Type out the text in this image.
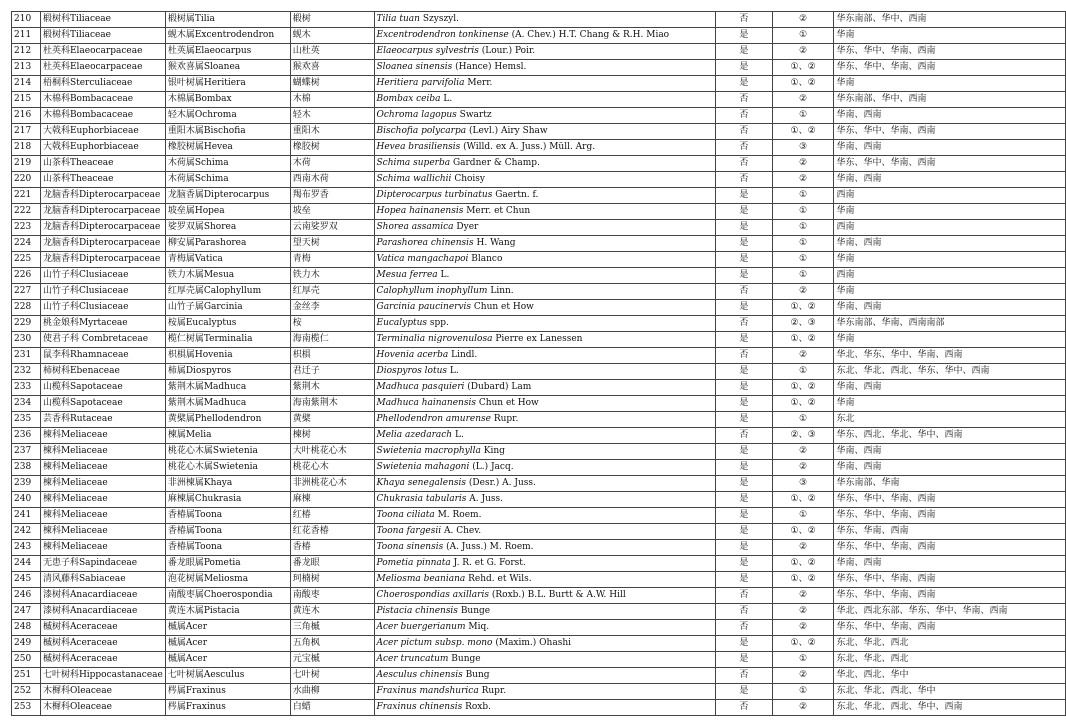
210	椴树科Tiliaceae	椴树属Tilia	椴树	Tilia tuan Szyszyl.	否	②	华东南部、华中、西南
211	椴树科Tiliaceae	蚬木属Excentrodendron	蚬木	Excentrodendron tonkinense (A. Chev.) H.T. Chang & R.H. Miao	是	①	华南
212	杜英科Elaeocarpaceae	杜英属Elaeocarpus	山杜英	Elaeocarpus sylvestris (Lour.) Poir.	是	②	华东、华中、华南、西南
213	杜英科Elaeocarpaceae	猴欢喜属Sloanea	猴欢喜	Sloanea sinensis (Hance) Hemsl.	是	①、②	华东、华中、华南、西南
214	梧桐科Sterculiaceae	银叶树属Heritiera	蝴蝶树	Heritiera parvifolia Merr.	是	①、②	华南
215	木棉科Bombacaceae	木棉属Bombax	木棉	Bombax ceiba L.	否	②	华东南部、华中、西南
216	木棉科Bombacaceae	轻木属Ochroma	轻木	Ochroma lagopus Swartz	否	①	华南、西南
217	大戟科Euphorbiaceae	重阳木属Bischofia	重阳木	Bischofia polycarpa (Levl.) Airy Shaw	否	①、②	华东、华中、华南、西南
218	大戟科Euphorbiaceae	橡胶树属Hevea	橡胶树	Hevea brasiliensis (Willd. ex A. Juss.) Müll. Arg.	否	③	华南、西南
219	山茶科Theaceae	木荷属Schima	木荷	Schima superba Gardner & Champ.	否	②	华东、华中、华南、西南
220	山茶科Theaceae	木荷属Schima	西南木荷	Schima wallichii Choisy	否	②	华南、西南
221	龙脑香科Dipterocarpaceae	龙脑香属Dipterocarpus	羯布罗香	Dipterocarpus turbinatus Gaertn. f.	是	①	西南
222	龙脑香科Dipterocarpaceae	坡垒属Hopea	坡垒	Hopea hainanensis Merr. et Chun	是	①	华南
223	龙脑香科Dipterocarpaceae	娑罗双属Shorea	云南娑罗双	Shorea assamica Dyer	是	①	西南
224	龙脑香科Dipterocarpaceae	柳安属Parashorea	望天树	Parashorea chinensis H. Wang	是	①	华南、西南
225	龙脑香科Dipterocarpaceae	青梅属Vatica	青梅	Vatica mangachapoi Blanco	是	①	华南
226	山竹子科Clusiaceae	铁力木属Mesua	铁力木	Mesua ferrea L.	是	①	西南
227	山竹子科Clusiaceae	红厚壳属Calophyllum	红厚壳	Calophyllum inophyllum Linn.	否	②	华南
228	山竹子科Clusiaceae	山竹子属Garcinia	金丝李	Garcinia paucinervis Chun et How	是	①、②	华南、西南
229	桃金娘科Myrtaceae	桉属Eucalyptus	桉	Eucalyptus spp.	否	②、③	华东南部、华南、西南南部
230	使君子科 Combretaceae	榄仁树属Terminalia	海南榄仁	Terminalia nigrovenulosa Pierre ex Lanessen	是	①、②	华南
231	鼠李科Rhamnaceae	枳椇属Hovenia	枳椇	Hovenia acerba Lindl.	否	②	华北、华东、华中、华南、西南
232	柿树科Ebenaceae	柿属Diospyros	君迁子	Diospyros lotus L.	是	①	东北、华北、西北、华东、华中、西南
233	山榄科Sapotaceae	紫荆木属Madhuca	紫荆木	Madhuca pasquieri (Dubard) Lam	是	①、②	华南、西南
234	山榄科Sapotaceae	紫荆木属Madhuca	海南紫荆木	Madhuca hainanensis Chun et How	是	①、②	华南
235	芸香科Rutaceae	黄檗属Phellodendron	黄檗	Phellodendron amurense Rupr.	是	①	东北
236	楝科Meliaceae	楝属Melia	楝树	Melia azedarach L.	否	②、③	华东、西北、华北、华中、西南
237	楝科Meliaceae	桃花心木属Swietenia	大叶桃花心木	Swietenia macrophylla King	是	②	华南、西南
238	楝科Meliaceae	桃花心木属Swietenia	桃花心木	Swietenia mahagoni (L.) Jacq.	是	②	华南、西南
239	楝科Meliaceae	非洲楝属Khaya	非洲桃花心木	Khaya senegalensis (Desr.) A. Juss.	是	③	华东南部、华南
240	楝科Meliaceae	麻楝属Chukrasia	麻楝	Chukrasia tabularis A. Juss.	是	①、②	华东、华中、华南、西南
241	楝科Meliaceae	香椿属Toona	红椿	Toona ciliata M. Roem.	是	①	华东、华中、华南、西南
242	楝科Meliaceae	香椿属Toona	红花香椿	Toona fargesii A. Chev.	是	①、②	华东、华南、西南
243	楝科Meliaceae	香椿属Toona	香椿	Toona sinensis (A. Juss.) M. Roem.	是	②	华东、华中、华南、西南
244	无患子科Sapindaceae	番龙眼属Pometia	番龙眼	Pometia pinnata J. R. et G. Forst.	是	①、②	华南、西南
245	清风藤科Sabiaceae	泡花树属Meliosma	珂楠树	Meliosma beaniana Rehd. et Wils.	是	①、②	华东、华中、华南、西南
246	漆树科Anacardiaceae	南酸枣属Choerospondia	南酸枣	Choerospondias axillaris (Roxb.) B.L. Burtt & A.W. Hill	否	②	华东、华中、华南、西南
247	漆树科Anacardiaceae	黄连木属Pistacia	黄连木	Pistacia chinensis Bunge	否	②	华北、西北东部、华东、华中、华南、西南
248	槭树科Aceraceae	槭属Acer	三角槭	Acer buergerianum Miq.	否	②	华东、华中、华南、西南
249	槭树科Aceraceae	槭属Acer	五角枫	Acer pictum subsp. mono (Maxim.) Ohashi	是	①、②	东北、华北、西北
250	槭树科Aceraceae	槭属Acer	元宝槭	Acer truncatum Bunge	是	①	东北、华北、西北
251	七叶树科Hippocastanaceae	七叶树属Aesculus	七叶树	Aesculus chinensis Bung	否	②	华北、西北、华中
252	木樨科Oleaceae	梣属Fraxinus	水曲柳	Fraxinus mandshurica Rupr.	是	①	东北、华北、西北、华中
253	木樨科Oleaceae	梣属Fraxinus	白蜡	Fraxinus chinensis Roxb.	否	②	东北、华北、西北、华中、西南
